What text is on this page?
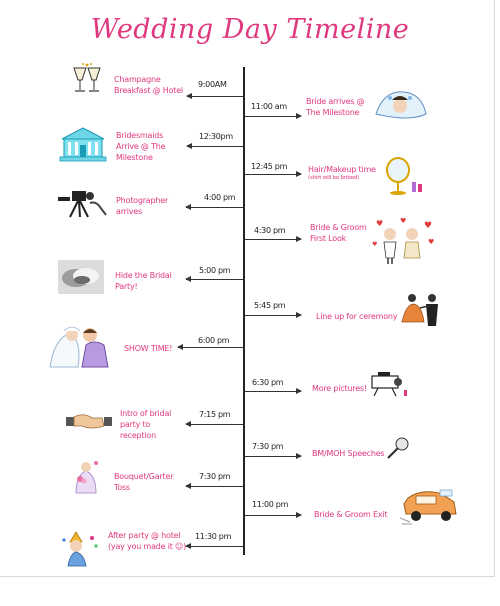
Wedding Day Timeline
Champagne Breakfast @ Hotel
9:00AM
Bridesmaids Arrive @ The Milestone
12:30pm
Photographer arrives
4:00 pm
Hide the Bridal Party!
5:00 pm
SHOW TIME!
6:00 pm
Intro of bridal party to reception
7:15 pm
Bouquet/Garter Toss
7:30 pm
After party @ hotel (yay you made it ☺)
11:30 pm
11:00 am
Bride arrives @ The Milestone
12:45 pm	Hair/Makeup time
(shirt will be bribed)
4:30 pm	Bride & Groom First Look
♥ ♥ ♥
♥
♥
5:45 pm
Line up for ceremony
6:30 pm
More pictures!
7:30 pm
BM/MOH Speeches
11:00 pm
Bride & Groom Exit
